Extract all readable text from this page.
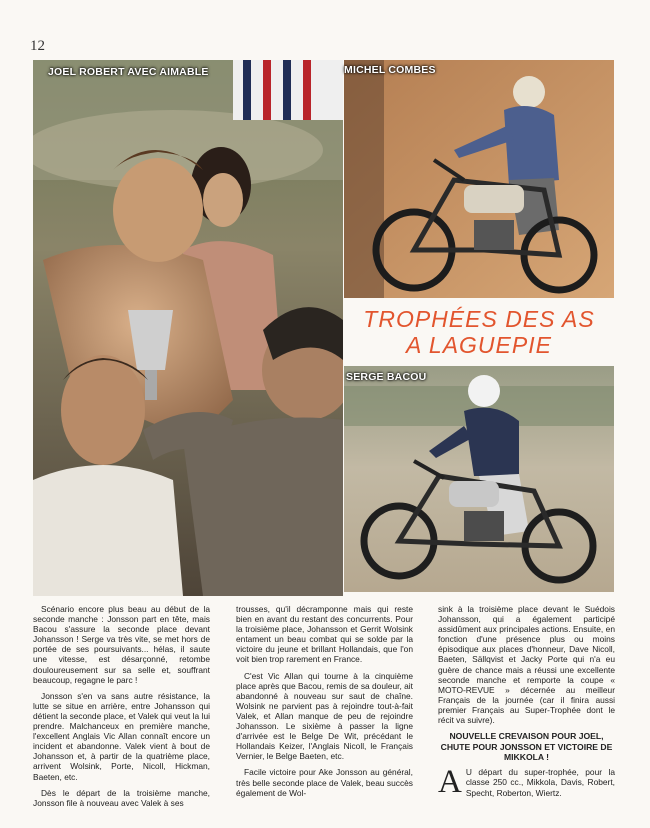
12
JOEL ROBERT AVEC AIMABLE	MICHEL COMBES
TROPHÉES DES AS
A LAGUEPIE
SERGE BACOU

Scénario encore plus beau au début de la seconde manche : Jonsson part en tête, mais Bacou s'assure la seconde place devant Johansson ! Serge va très vite, se met hors de portée de ses poursuivants... hélas, il saute une vitesse, est désarçonné, retombe douloureusement sur sa selle et, souffrant beaucoup, regagne le parc !

Jonsson s'en va sans autre résistance, la lutte se situe en arrière, entre Johansson qui détient la seconde place, et Valek qui veut la lui prendre. Malchanceux en première manche, l'excellent Anglais Vic Allan connaît encore un incident et abandonne. Valek vient à bout de Johansson et, à partir de la quatrième place, arrivent Wolsink, Porte, Nicoll, Hickman, Baeten, etc.

Dès le départ de la troisième manche, Jonsson file à nouveau avec Valek à ses

trousses, qu'il décramponne mais qui reste bien en avant du restant des concurrents. Pour la troisième place, Johansson et Gerrit Wolsink entament un beau combat qui se solde par la victoire du jeune et brillant Hollandais, que l'on voit bien trop rarement en France.

C'est Vic Allan qui tourne à la cinquième place après que Bacou, remis de sa douleur, ait abandonné à nouveau sur saut de chaîne. Wolsink ne parvient pas à rejoindre tout-à-fait Valek, et Allan manque de peu de rejoindre Johansson. Le sixième à passer la ligne d'arrivée est le Belge De Wit, précédant le Hollandais Keizer, l'Anglais Nicoll, le Français Vernier, le Belge Baeten, etc.

Facile victoire pour Ake Jonsson au général, très belle seconde place de Valek, beau succès également de Wol-

sink à la troisième place devant le Suédois Johansson, qui a également participé assidûment aux principales actions. Ensuite, en fonction d'une présence plus ou moins épisodique aux places d'honneur, Dave Nicoll, Baeten, Sällqvist et Jacky Porte qui n'a eu guère de chance mais a réussi une excellente seconde manche et remporte la coupe « MOTO-REVUE » décernée au meilleur Français de la journée (car il finira aussi premier Français au Super-Trophée dont le récit va suivre).

NOUVELLE CREVAISON POUR JOEL, CHUTE POUR JONSSON ET VICTOIRE DE MIKKOLA !

A U départ du super-trophée, pour la classe 250 cc., Mikkola, Davis, Robert, Specht, Roberton, Wiertz.
